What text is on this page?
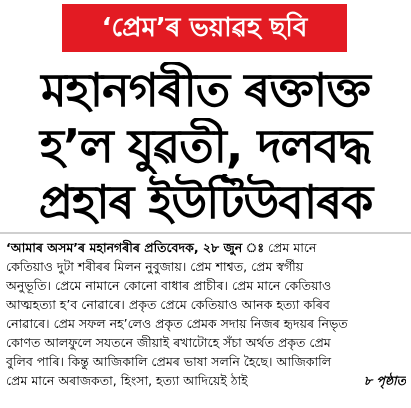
‘প্ৰেম’ৰ ভয়াৱহ ছবি
মহানগৰীত ৰক্তাক্ত
হ’ল যুৱতী, দলবদ্ধ
প্ৰহাৰ ইউটিউবাৰক
‘আমাৰ অসম’ৰ মহানগৰীৰ প্ৰতিবেদক, ২৮ জুন ঃ প্ৰেম মানে
কেতিয়াও দুটা শৰীৰৰ মিলন নুবুজায়। প্ৰেম শাশ্বত, প্ৰেম স্বৰ্গীয়
অনুভূতি। প্ৰেমে নামানে কোনো বাধাৰ প্ৰাচীৰ। প্ৰেম মানে কেতিয়াও
আত্মহত্যা হ’ব নোৱাৰে। প্ৰকৃত প্ৰেমে কেতিয়াও আনক হত্যা কৰিব
নোৱাৰে। প্ৰেম সফল নহ’লেও প্ৰকৃত প্ৰেমক সদায় নিজৰ হৃদয়ৰ নিভৃত
কোণত আলফুলে সযতনে জীয়াই ৰখাটোহে সঁচা অৰ্থত প্ৰকৃত প্ৰেম
বুলিব পাৰি। কিন্তু আজিকালি প্ৰেমৰ ভাষা সলনি হৈছে। আজিকালি
প্ৰেম মানে অৰাজকতা, হিংসা, হত্যা আদিয়েই ঠাই	৮ পৃষ্ঠাত
